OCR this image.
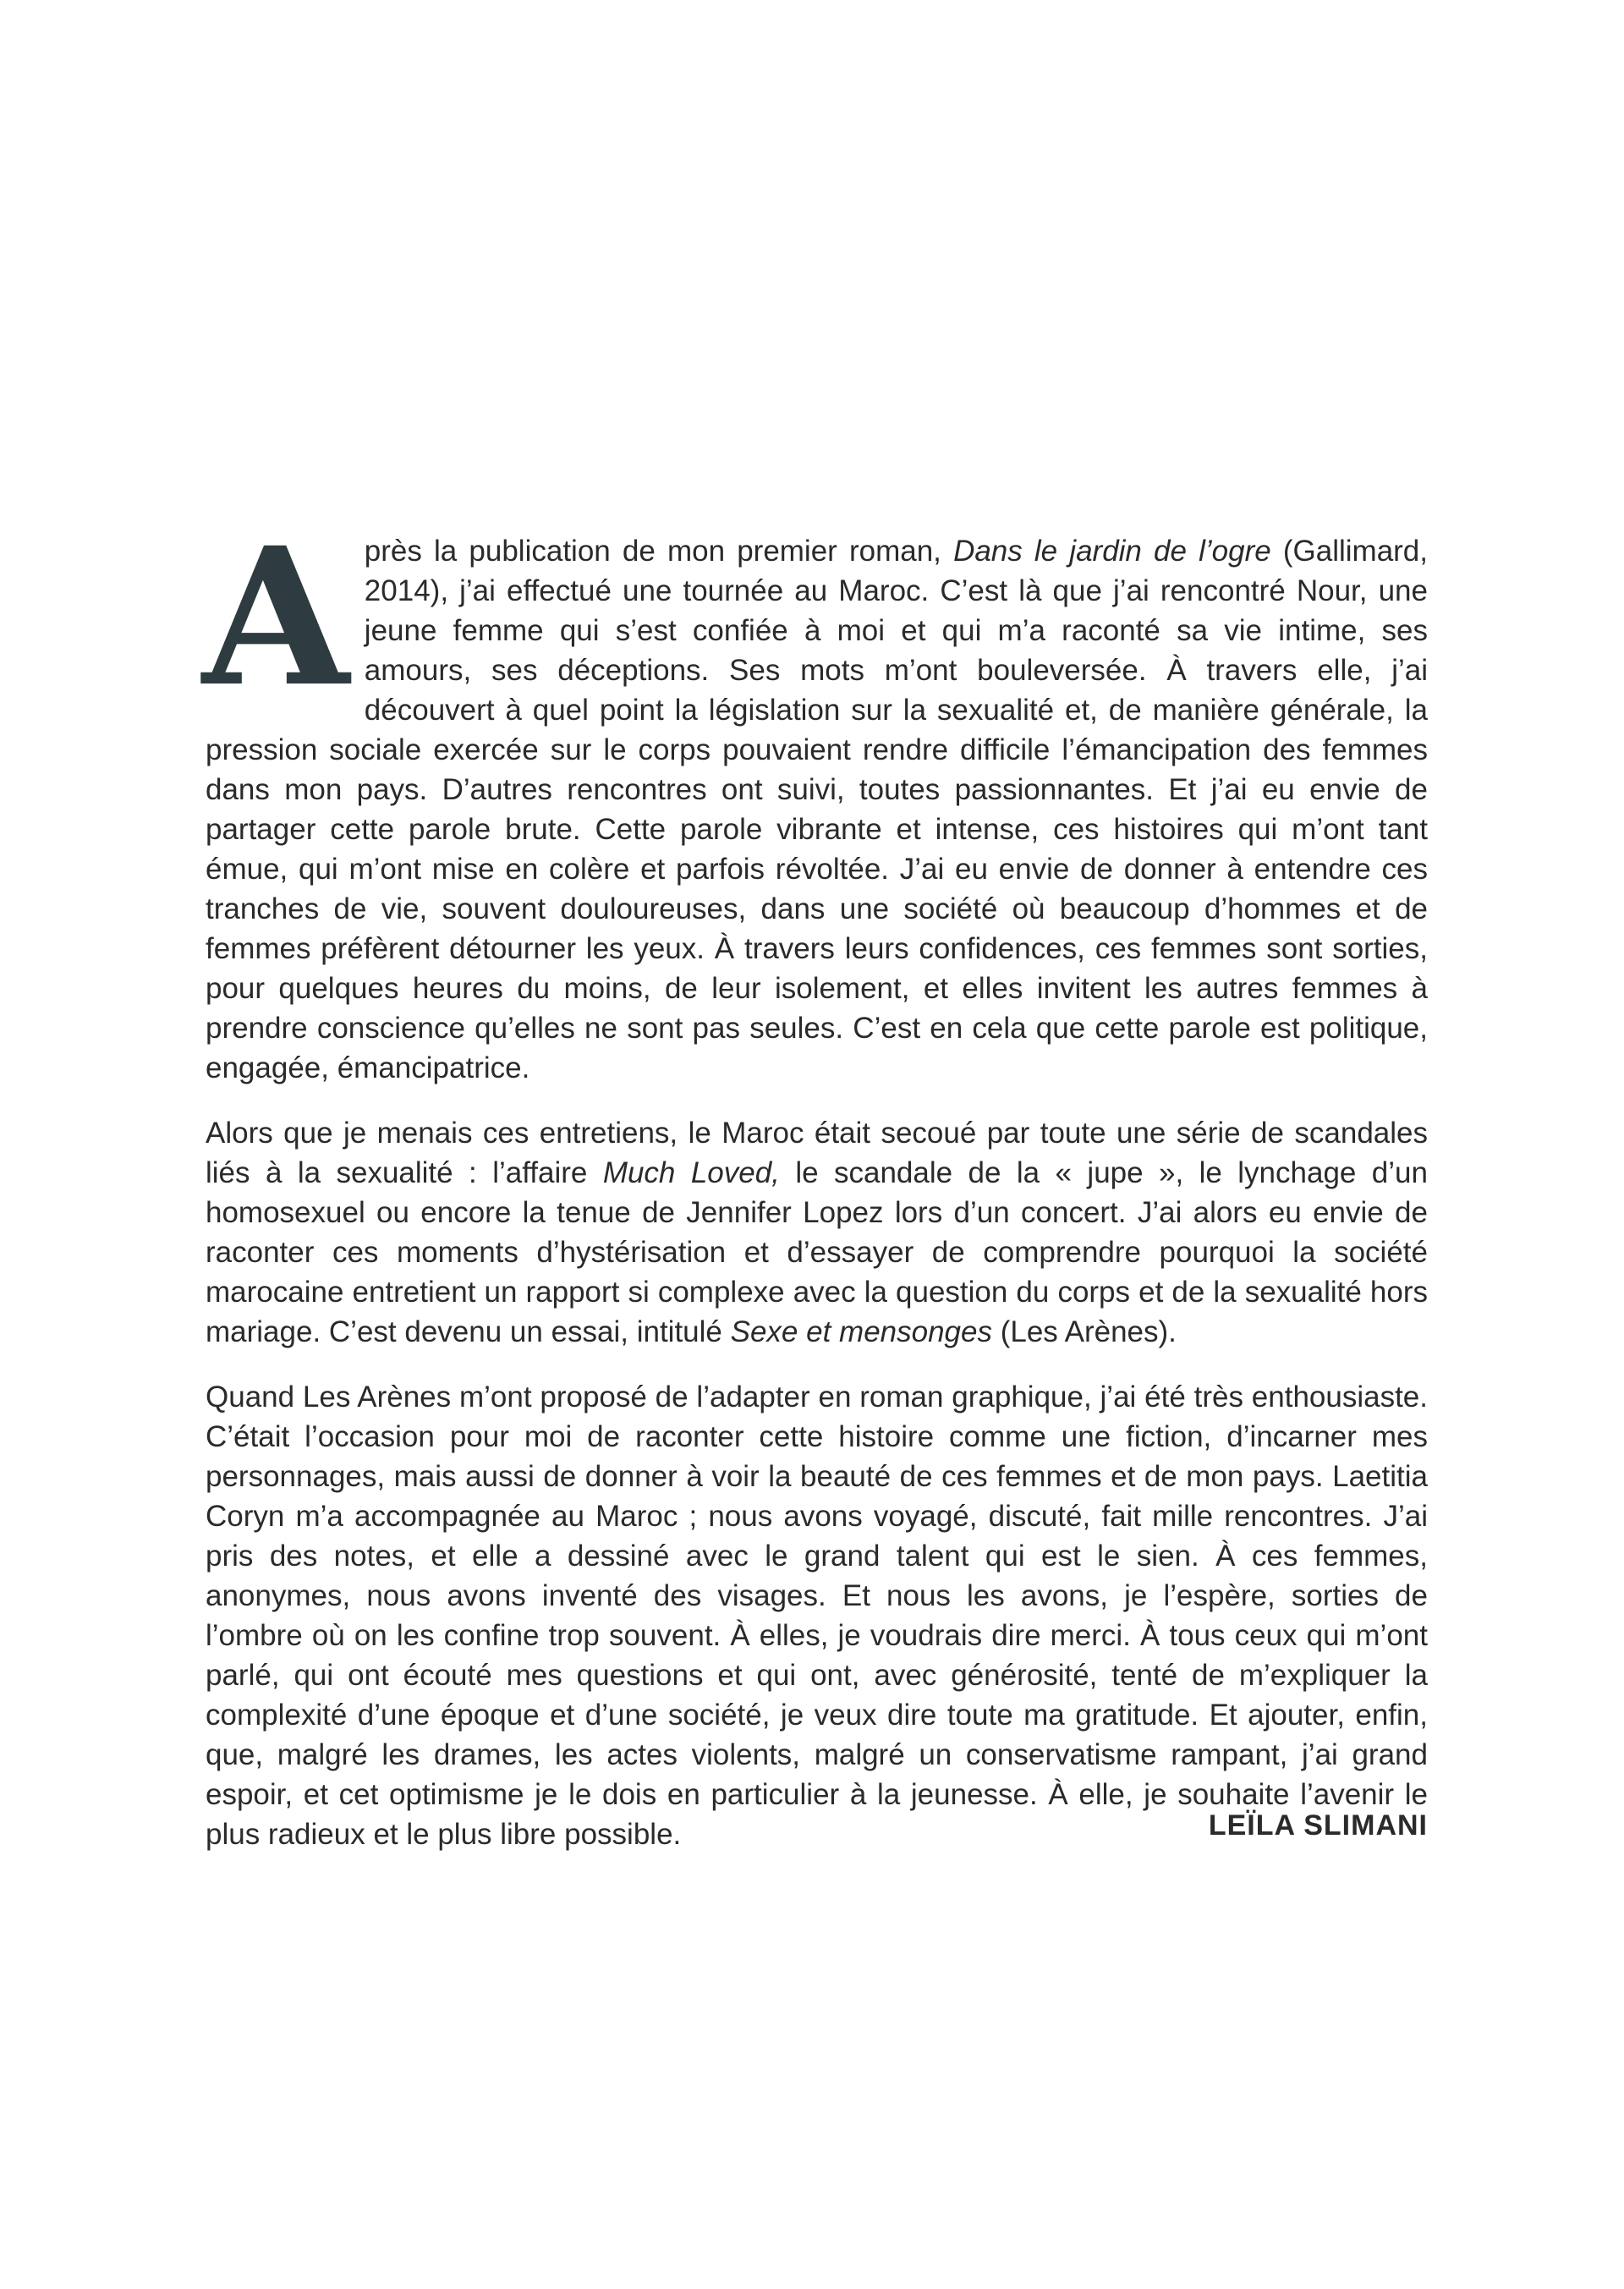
Après la publication de mon premier roman, Dans le jardin de l’ogre (Gallimard, 2014), j’ai effectué une tournée au Maroc. C’est là que j’ai rencontré Nour, une jeune femme qui s’est confiée à moi et qui m’a raconté sa vie intime, ses amours, ses déceptions. Ses mots m’ont bouleversée. À travers elle, j’ai découvert à quel point la législation sur la sexualité et, de manière générale, la pression sociale exercée sur le corps pouvaient rendre difficile l’émancipation des femmes dans mon pays. D’autres rencontres ont suivi, toutes passionnantes. Et j’ai eu envie de partager cette parole brute. Cette parole vibrante et intense, ces histoires qui m’ont tant émue, qui m’ont mise en colère et parfois révoltée. J’ai eu envie de donner à entendre ces tranches de vie, souvent douloureuses, dans une société où beaucoup d’hommes et de femmes préfèrent détourner les yeux. À travers leurs confidences, ces femmes sont sorties, pour quelques heures du moins, de leur isolement, et elles invitent les autres femmes à prendre conscience qu’elles ne sont pas seules. C’est en cela que cette parole est politique, engagée, émancipatrice.

Alors que je menais ces entretiens, le Maroc était secoué par toute une série de scandales liés à la sexualité : l’affaire Much Loved, le scandale de la « jupe », le lynchage d’un homosexuel ou encore la tenue de Jennifer Lopez lors d’un concert. J’ai alors eu envie de raconter ces moments d’hystérisation et d’essayer de comprendre pourquoi la société marocaine entretient un rapport si complexe avec la question du corps et de la sexualité hors mariage. C’est devenu un essai, intitulé Sexe et mensonges (Les Arènes).

Quand Les Arènes m’ont proposé de l’adapter en roman graphique, j’ai été très enthousiaste. C’était l’occasion pour moi de raconter cette histoire comme une fiction, d’incarner mes personnages, mais aussi de donner à voir la beauté de ces femmes et de mon pays. Laetitia Coryn m’a accompagnée au Maroc ; nous avons voyagé, discuté, fait mille rencontres. J’ai pris des notes, et elle a dessiné avec le grand talent qui est le sien. À ces femmes, anonymes, nous avons inventé des visages. Et nous les avons, je l’espère, sorties de l’ombre où on les confine trop souvent. À elles, je voudrais dire merci. À tous ceux qui m’ont parlé, qui ont écouté mes questions et qui ont, avec générosité, tenté de m’expliquer la complexité d’une époque et d’une société, je veux dire toute ma gratitude. Et ajouter, enfin, que, malgré les drames, les actes violents, malgré un conservatisme rampant, j’ai grand espoir, et cet optimisme je le dois en particulier à la jeunesse. À elle, je souhaite l’avenir le plus radieux et le plus libre possible.	LEÏLA SLIMANI
